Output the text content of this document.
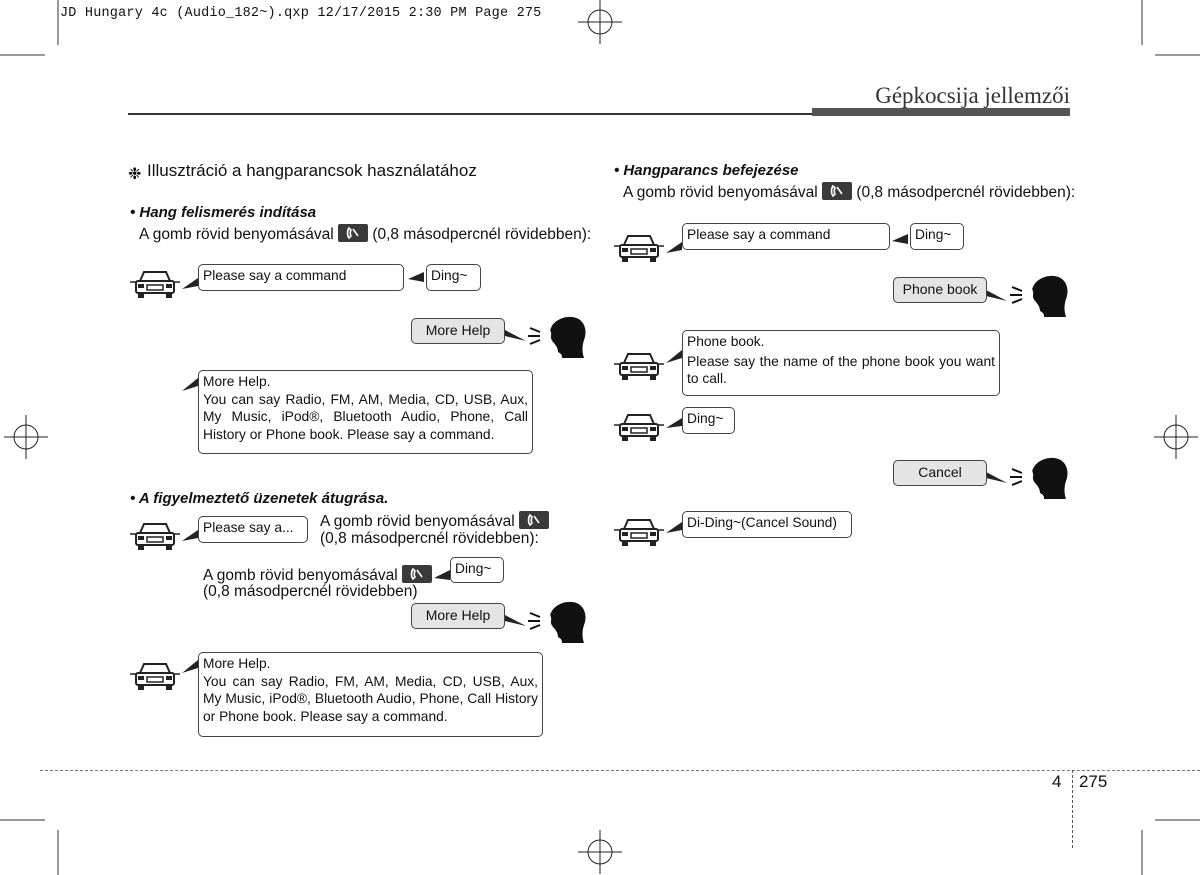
❉
JD Hungary 4c (Audio_182~).qxp 12/17/2015 2:30 PM Page 275
Gépkocsija jellemzői
Illusztráció a hangparancsok használatához
• Hang felismerés indítása
A gomb rövid benyomásával (0,8 másodpercnél rövidebben):
Please say a command	Ding~
More Help
More Help.
You can say Radio, FM, AM, Media, CD, USB, Aux, My Music, iPod®, Bluetooth Audio, Phone, Call History or Phone book. Please say a command.
• A figyelmeztető üzenetek átugrása.
Please say a...	A gomb rövid benyomásával
(0,8 másodpercnél rövidebben):
A gomb rövid benyomásával
(0,8 másodpercnél rövidebben)
Ding~
More Help
More Help.
You can say Radio, FM, AM, Media, CD, USB, Aux, My Music, iPod®, Bluetooth Audio, Phone, Call History or Phone book. Please say a command.
• Hangparancs befejezése
A gomb rövid benyomásával (0,8 másodpercnél rövidebben):
Please say a command	Ding~
Phone book
Phone book.
Please say the name of the phone book you want to call.
Ding~
Cancel
Di-Ding~(Cancel Sound)
4 275
